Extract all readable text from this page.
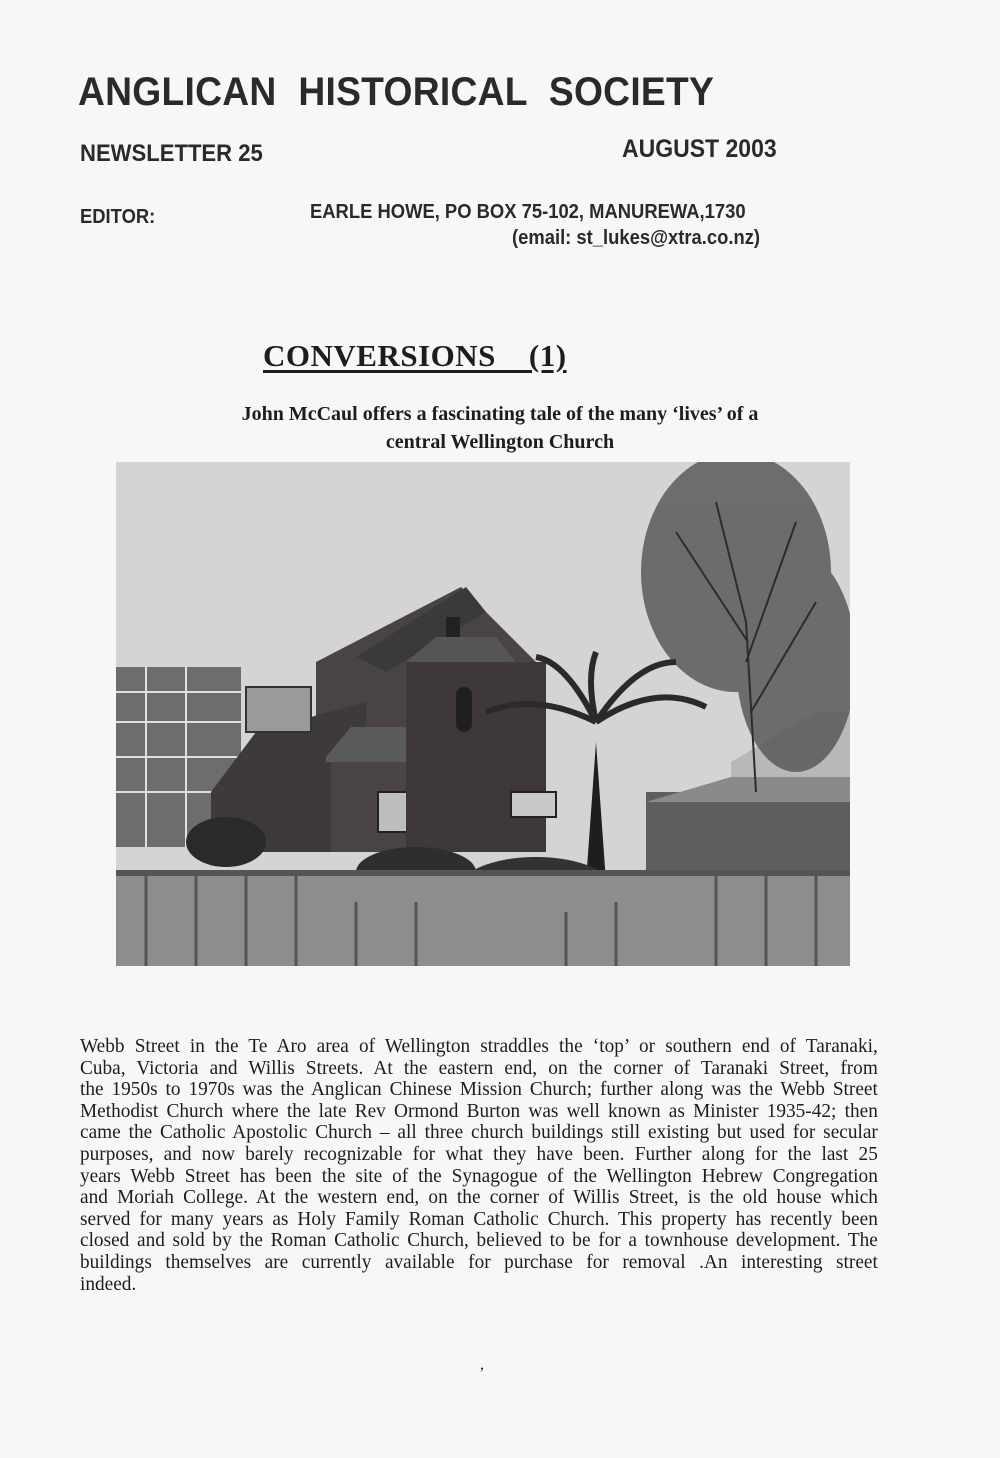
ANGLICAN HISTORICAL SOCIETY
NEWSLETTER 25	AUGUST 2003
EDITOR:	EARLE HOWE, PO BOX 75-102, MANUREWA,1730
(email: st_lukes@xtra.co.nz)
CONVERSIONS    (1)
John McCaul offers a fascinating tale of the many ‘lives’ of a
central Wellington Church
Webb Street in the Te Aro area of Wellington straddles the ‘top’ or southern end of Taranaki,
Cuba, Victoria and Willis Streets. At the eastern end, on the corner of Taranaki Street, from
the 1950s to 1970s was the Anglican Chinese Mission Church; further along was the Webb Street
Methodist Church where the late Rev Ormond Burton was well known as Minister 1935-42; then
came the Catholic Apostolic Church – all three church buildings still existing but used for secular
purposes, and now barely recognizable for what they have been. Further along for the last 25
years Webb Street has been the site of the Synagogue of the Wellington Hebrew Congregation
and Moriah College. At the western end, on the corner of Willis Street, is the old house which
served for many years as Holy Family Roman Catholic Church. This property has recently been
closed and sold by the Roman Catholic Church, believed to be for a townhouse development. The
buildings themselves are currently available for purchase for removal .An interesting street
indeed.
,
